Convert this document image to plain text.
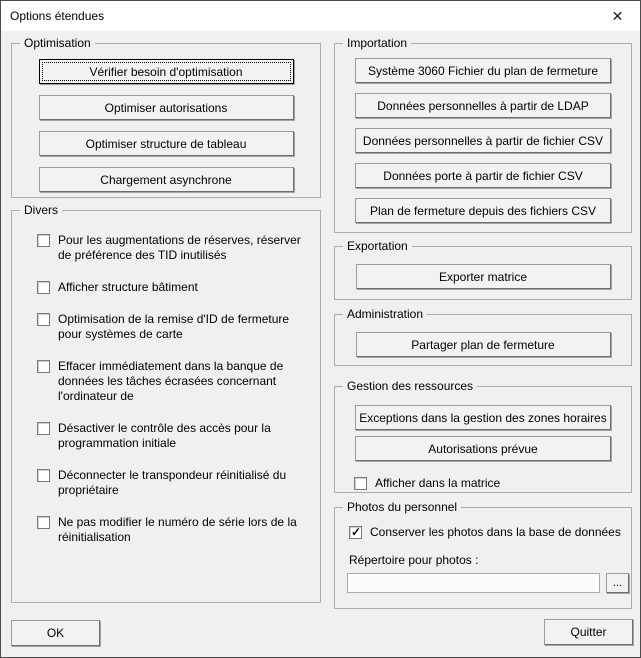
Options étendues	✕
Optimisation
Vérifier besoin d'optimisation
Optimiser autorisations
Optimiser structure de tableau
Chargement asynchrone
Divers
Pour les augmentations de réserves, réserver de préférence des TID inutilisés
Afficher structure bâtiment
Optimisation de la remise d'ID de fermeture pour systèmes de carte
Effacer immédiatement dans la banque de données les tâches écrasées concernant l'ordinateur de
Désactiver le contrôle des accès pour la programmation initiale
Déconnecter le transpondeur réinitialisé du propriétaire
Ne pas modifier le numéro de série lors de la réinitialisation
Importation
Système 3060 Fichier du plan de fermeture
Données personnelles à partir de LDAP
Données personnelles à partir de fichier CSV
Données porte à partir de fichier CSV
Plan de fermeture depuis des fichiers CSV
Exportation
Exporter matrice
Administration
Partager plan de fermeture
Gestion des ressources
Exceptions dans la gestion des zones horaires
Autorisations prévue
Afficher dans la matrice
Photos du personnel
✓
Conserver les photos dans la base de données
Répertoire pour photos :
...
OK	Quitter
